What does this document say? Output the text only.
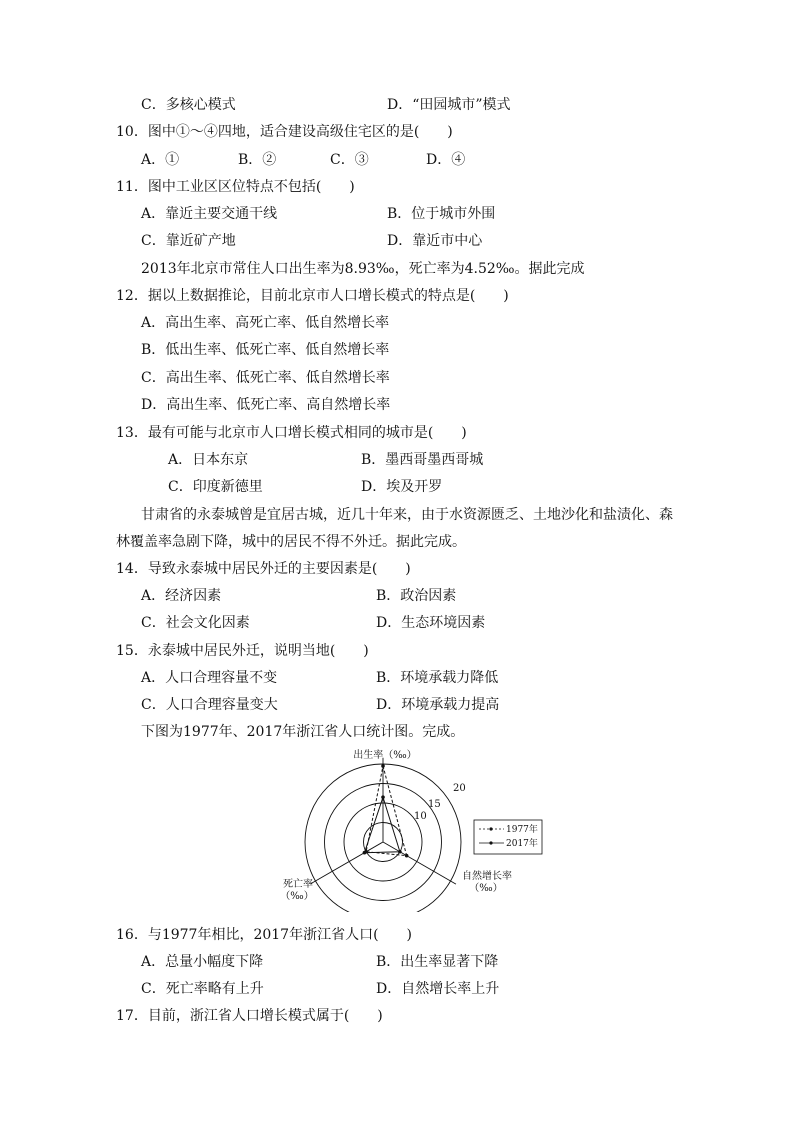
C．多核心模式	D．“田园城市”模式
10．图中①～④四地，适合建设高级住宅区的是(　　)
A．①	B．②	C．③	D．④
11．图中工业区区位特点不包括(　　)
A．靠近主要交通干线	B．位于城市外围
C．靠近矿产地	D．靠近市中心
2013年北京市常住人口出生率为8.93‰，死亡率为4.52‰。据此完成
12．据以上数据推论，目前北京市人口增长模式的特点是(　　)
A．高出生率、高死亡率、低自然增长率
B．低出生率、低死亡率、低自然增长率
C．高出生率、低死亡率、低自然增长率
D．高出生率、低死亡率、高自然增长率
13．最有可能与北京市人口增长模式相同的城市是(　　)
A．日本东京	B．墨西哥墨西哥城
C．印度新德里	D．埃及开罗
甘肃省的永泰城曾是宜居古城，近几十年来，由于水资源匮乏、土地沙化和盐渍化、森
林覆盖率急剧下降，城中的居民不得不外迁。据此完成。
14．导致永泰城中居民外迁的主要因素是(　　)
A．经济因素	B．政治因素
C．社会文化因素	D．生态环境因素
15．永泰城中居民外迁，说明当地(　　)
A．人口合理容量不变	B．环境承载力降低
C．人口合理容量变大	D．环境承载力提高
下图为1977年、2017年浙江省人口统计图。完成。
出生率（‰）
自然增长率
（‰）
死亡率
（‰）
10
15
20
1977年
2017年
16．与1977年相比，2017年浙江省人口(　　)
A．总量小幅度下降	B．出生率显著下降
C．死亡率略有上升	D．自然增长率上升
17．目前，浙江省人口增长模式属于(　　)
